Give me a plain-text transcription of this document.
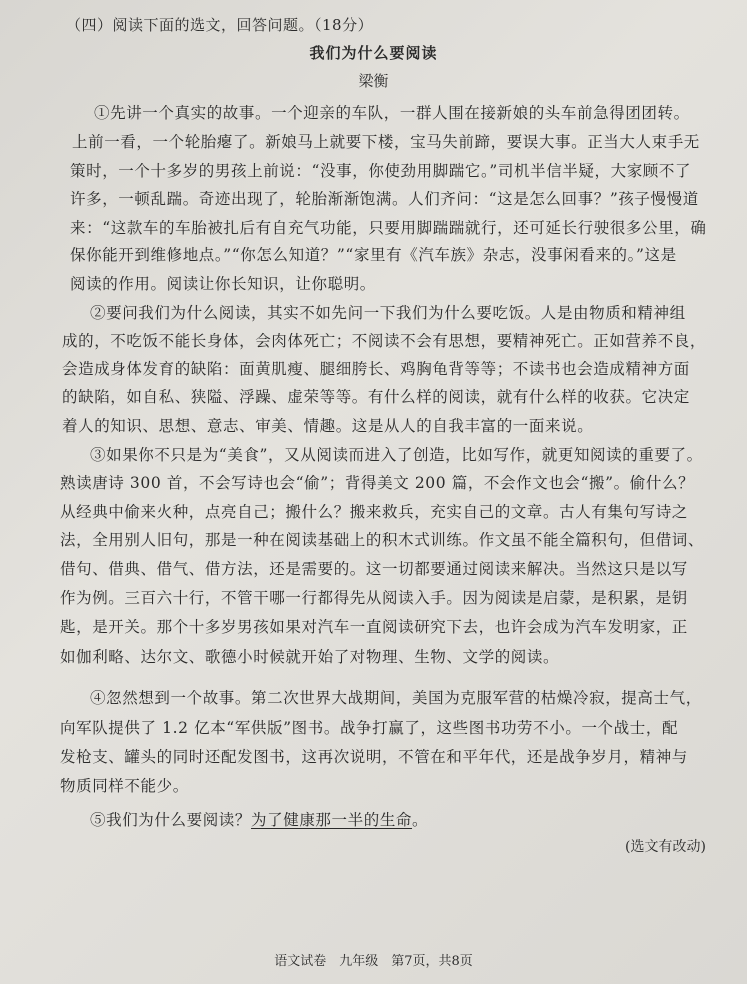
（四）阅读下面的选文，回答问题。（18分）
我们为什么要阅读
梁衡
①先讲一个真实的故事。一个迎亲的车队，一群人围在接新娘的头车前急得团团转。
上前一看，一个轮胎瘪了。新娘马上就要下楼，宝马失前蹄，要误大事。正当大人束手无
策时，一个十多岁的男孩上前说：“没事，你使劲用脚踹它。”司机半信半疑，大家顾不了
许多，一顿乱踹。奇迹出现了，轮胎渐渐饱满。人们齐问：“这是怎么回事？”孩子慢慢道
来：“这款车的车胎被扎后有自充气功能，只要用脚踹踹就行，还可延长行驶很多公里，确
保你能开到维修地点。”“你怎么知道？”“家里有《汽车族》杂志，没事闲看来的。”这是
阅读的作用。阅读让你长知识，让你聪明。
②要问我们为什么阅读，其实不如先问一下我们为什么要吃饭。人是由物质和精神组
成的，不吃饭不能长身体，会肉体死亡；不阅读不会有思想，要精神死亡。正如营养不良，
会造成身体发育的缺陷：面黄肌瘦、腿细胯长、鸡胸龟背等等；不读书也会造成精神方面
的缺陷，如自私、狭隘、浮躁、虚荣等等。有什么样的阅读，就有什么样的收获。它决定
着人的知识、思想、意志、审美、情趣。这是从人的自我丰富的一面来说。
③如果你不只是为“美食”，又从阅读而进入了创造，比如写作，就更知阅读的重要了。
熟读唐诗 300 首，不会写诗也会“偷”；背得美文 200 篇，不会作文也会“搬”。偷什么？
从经典中偷来火种，点亮自己；搬什么？搬来救兵，充实自己的文章。古人有集句写诗之
法，全用别人旧句，那是一种在阅读基础上的积木式训练。作文虽不能全篇积句，但借词、
借句、借典、借气、借方法，还是需要的。这一切都要通过阅读来解决。当然这只是以写
作为例。三百六十行，不管干哪一行都得先从阅读入手。因为阅读是启蒙，是积累，是钥
匙，是开关。那个十多岁男孩如果对汽车一直阅读研究下去，也许会成为汽车发明家，正
如伽利略、达尔文、歌德小时候就开始了对物理、生物、文学的阅读。
④忽然想到一个故事。第二次世界大战期间，美国为克服军营的枯燥冷寂，提高士气，
向军队提供了 1.2 亿本“军供版”图书。战争打赢了，这些图书功劳不小。一个战士，配
发枪支、罐头的同时还配发图书，这再次说明，不管在和平年代，还是战争岁月，精神与
物质同样不能少。
⑤我们为什么要阅读？为了健康那一半的生命。
(选文有改动)
语文试卷　九年级　第7页，共8页
